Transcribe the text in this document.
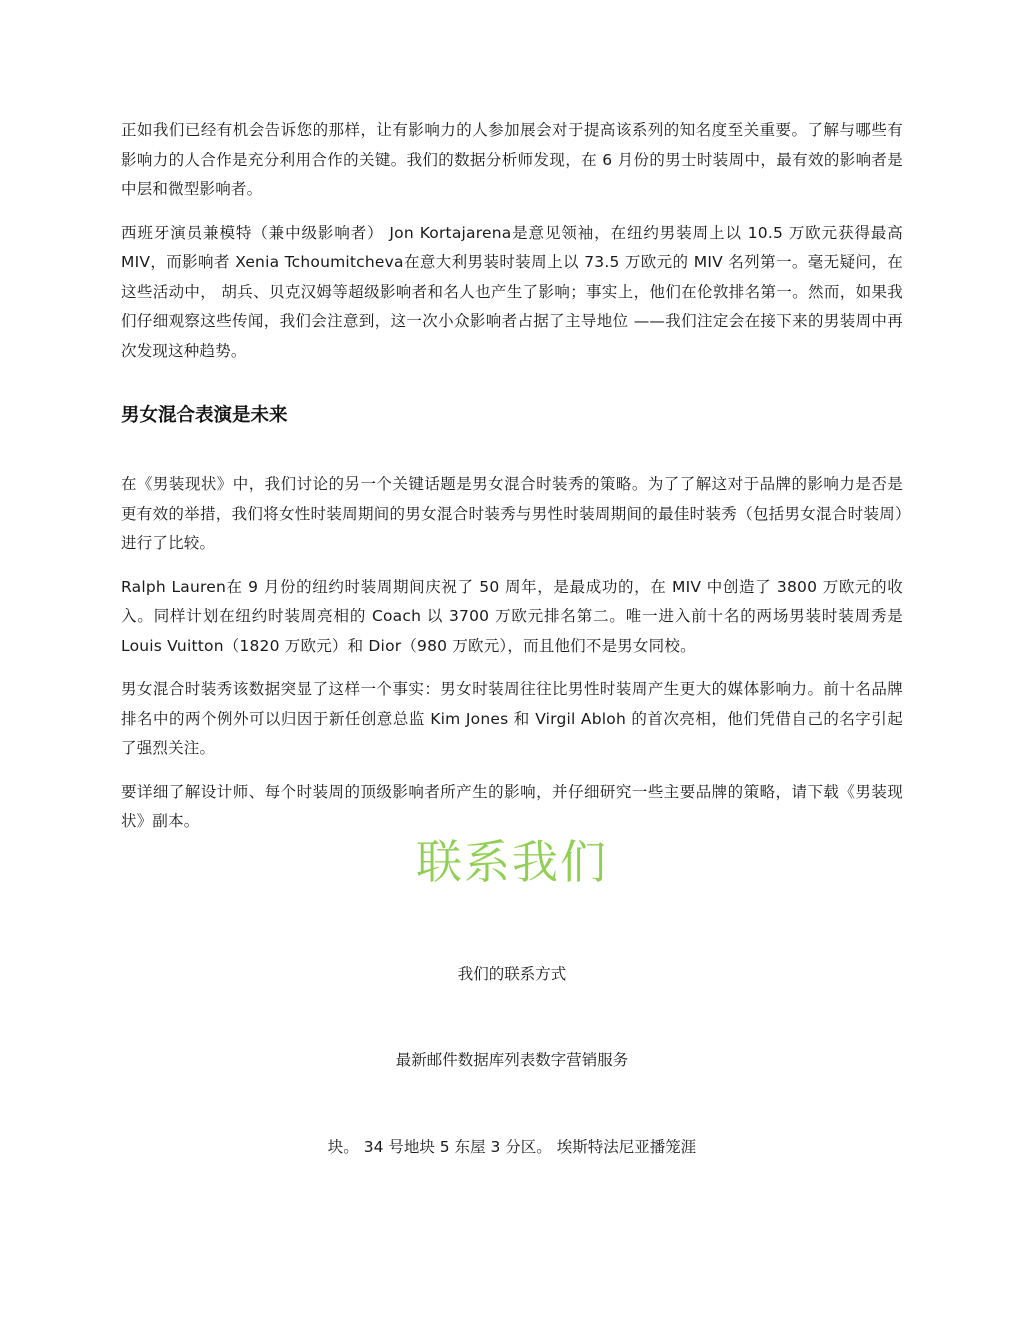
正如我们已经有机会告诉您的那样，让有影响力的人参加展会对于提高该系列的知名度至关重要。了解与哪些有影响力的人合作是充分利用合作的关键。我们的数据分析师发现，在 6 月份的男士时装周中，最有效的影响者是中层和微型影响者。

西班牙演员兼模特（兼中级影响者） Jon Kortajarena是意见领袖，在纽约男装周上以 10.5 万欧元获得最高 MIV，而影响者 Xenia Tchoumitcheva在意大利男装时装周上以 73.5 万欧元的 MIV 名列第一。毫无疑问，在这些活动中， 胡兵、贝克汉姆等超级影响者和名人也产生了影响；事实上，他们在伦敦排名第一。然而，如果我们仔细观察这些传闻，我们会注意到，这一次小众影响者占据了主导地位 ——我们注定会在接下来的男装周中再次发现这种趋势。

男女混合表演是未来

在《男装现状》中，我们讨论的另一个关键话题是男女混合时装秀的策略。为了了解这对于品牌的影响力是否是更有效的举措，我们将女性时装周期间的男女混合时装秀与男性时装周期间的最佳时装秀（包括男女混合时装周）进行了比较。

Ralph Lauren在 9 月份的纽约时装周期间庆祝了 50 周年，是最成功的，在 MIV 中创造了 3800 万欧元的收入。同样计划在纽约时装周亮相的 Coach 以 3700 万欧元排名第二。唯一进入前十名的两场男装时装周秀是 Louis Vuitton（1820 万欧元）和 Dior（980 万欧元），而且他们不是男女同校。

男女混合时装秀该数据突显了这样一个事实：男女时装周往往比男性时装周产生更大的媒体影响力。前十名品牌排名中的两个例外可以归因于新任创意总监 Kim Jones 和 Virgil Abloh 的首次亮相，他们凭借自己的名字引起了强烈关注。

要详细了解设计师、每个时装周的顶级影响者所产生的影响，并仔细研究一些主要品牌的策略，请下载《男装现状》副本。

联系我们
我们的联系方式
最新邮件数据库列表数字营销服务
块。 34 号地块 5 东屋 3 分区。 埃斯特法尼亚播笼涯
